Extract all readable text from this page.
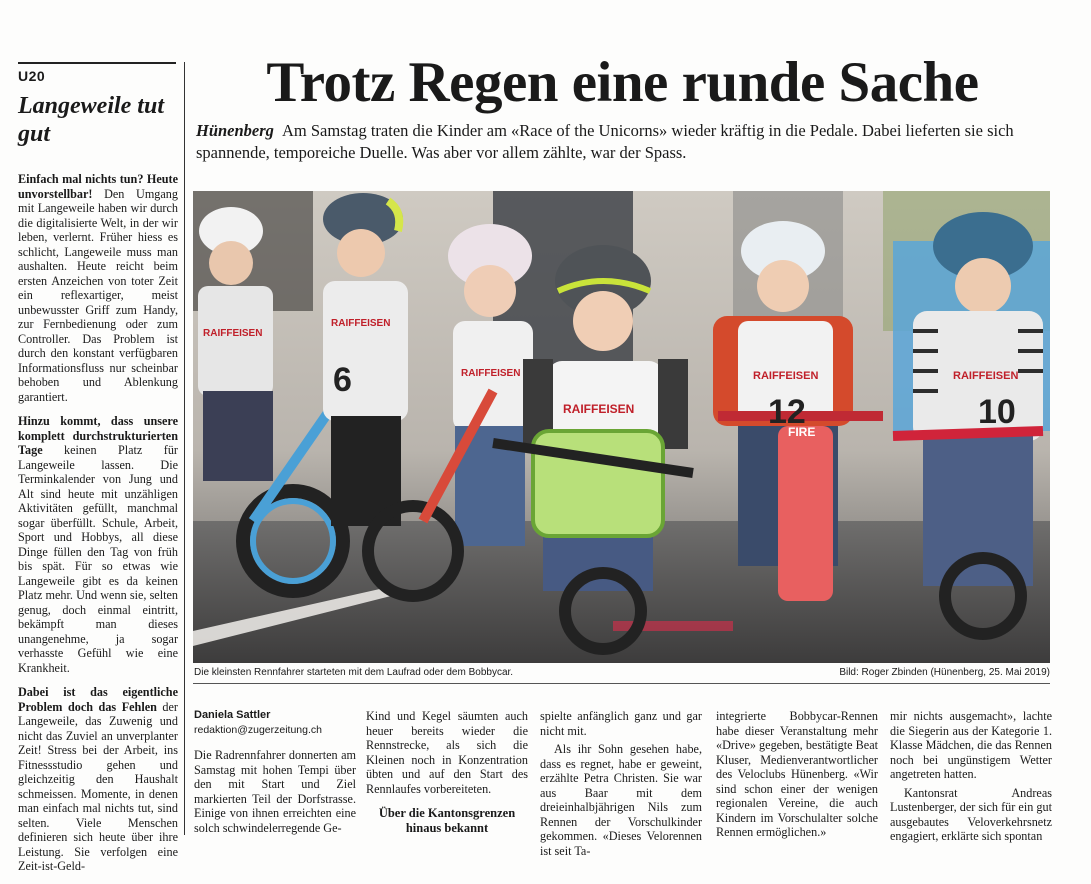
U20
Langeweile tut gut

Einfach mal nichts tun? Heute unvorstellbar! Den Umgang mit Langeweile haben wir durch die digitalisierte Welt, in der wir leben, verlernt. Früher hiess es schlicht, Langeweile muss man aushalten. Heute reicht beim ersten Anzeichen von toter Zeit ein reflexartiger, meist unbewusster Griff zum Handy, zur Fernbedienung oder zum Controller. Das Problem ist durch den konstant verfügbaren Informationsfluss nur scheinbar behoben und Ablenkung garantiert.

Hinzu kommt, dass unsere komplett durchstrukturierten Tage keinen Platz für Langeweile lassen. Die Terminkalender von Jung und Alt sind heute mit unzähligen Aktivitäten gefüllt, manchmal sogar überfüllt. Schule, Arbeit, Sport und Hobbys, all diese Dinge füllen den Tag von früh bis spät. Für so etwas wie Langeweile gibt es da keinen Platz mehr. Und wenn sie, selten genug, doch einmal eintritt, bekämpft man dieses unangenehme, ja sogar verhasste Gefühl wie eine Krankheit.

Dabei ist das eigentliche Problem doch das Fehlen der Langeweile, das Zuwenig und nicht das Zuviel an unverplanter Zeit! Stress bei der Arbeit, ins Fitnessstudio gehen und gleichzeitig den Haushalt schmeissen. Momente, in denen man einfach mal nichts tut, sind selten. Viele Menschen definieren sich heute über ihre Leistung. Sie verfolgen eine Zeit-ist-Geld-

Trotz Regen eine runde Sache
Hünenberg Am Samstag traten die Kinder am «Race of the Unicorns» wieder kräftig in die Pedale. Dabei lieferten sie sich spannende, temporeiche Duelle. Was aber vor allem zählte, war der Spass.
RAIFFEISEN
RAIFFEISEN
RAIFFEISEN
RAIFFEISEN
RAIFFEISEN	RAIFFEISEN
6
12	10
FIRE
Die kleinsten Rennfahrer starteten mit dem Laufrad oder dem Bobbycar.	Bild: Roger Zbinden (Hünenberg, 25. Mai 2019)
Daniela Sattler
redaktion@zugerzeitung.ch

Die Radrennfahrer donnerten am Samstag mit hohen Tempi über den mit Start und Ziel markierten Teil der Dorfstrasse. Einige von ihnen erreichten eine solch schwindelerregende Ge-

Kind und Kegel säumten auch heuer bereits wieder die Rennstrecke, als sich die Kleinen noch in Konzentration übten und auf den Start des Rennlaufes vorbereiteten.

Über die Kantonsgrenzen hinaus bekannt

spielte anfänglich ganz und gar nicht mit.

Als ihr Sohn gesehen habe, dass es regnet, habe er geweint, erzählte Petra Christen. Sie war aus Baar mit dem dreieinhalbjährigen Nils zum Rennen der Vorschulkinder gekommen. «Dieses Velorennen ist seit Ta-

integrierte Bobbycar-Rennen habe dieser Veranstaltung mehr «Drive» gegeben, bestätigte Beat Kluser, Medienverantwortlicher des Veloclubs Hünenberg. «Wir sind schon einer der wenigen regionalen Vereine, die auch Kindern im Vorschulalter solche Rennen ermöglichen.»

mir nichts ausgemacht», lachte die Siegerin aus der Kategorie 1. Klasse Mädchen, die das Rennen noch bei ungünstigem Wetter angetreten hatten.

Kantonsrat Andreas Lustenberger, der sich für ein gut ausgebautes Veloverkehrsnetz engagiert, erklärte sich spontan
